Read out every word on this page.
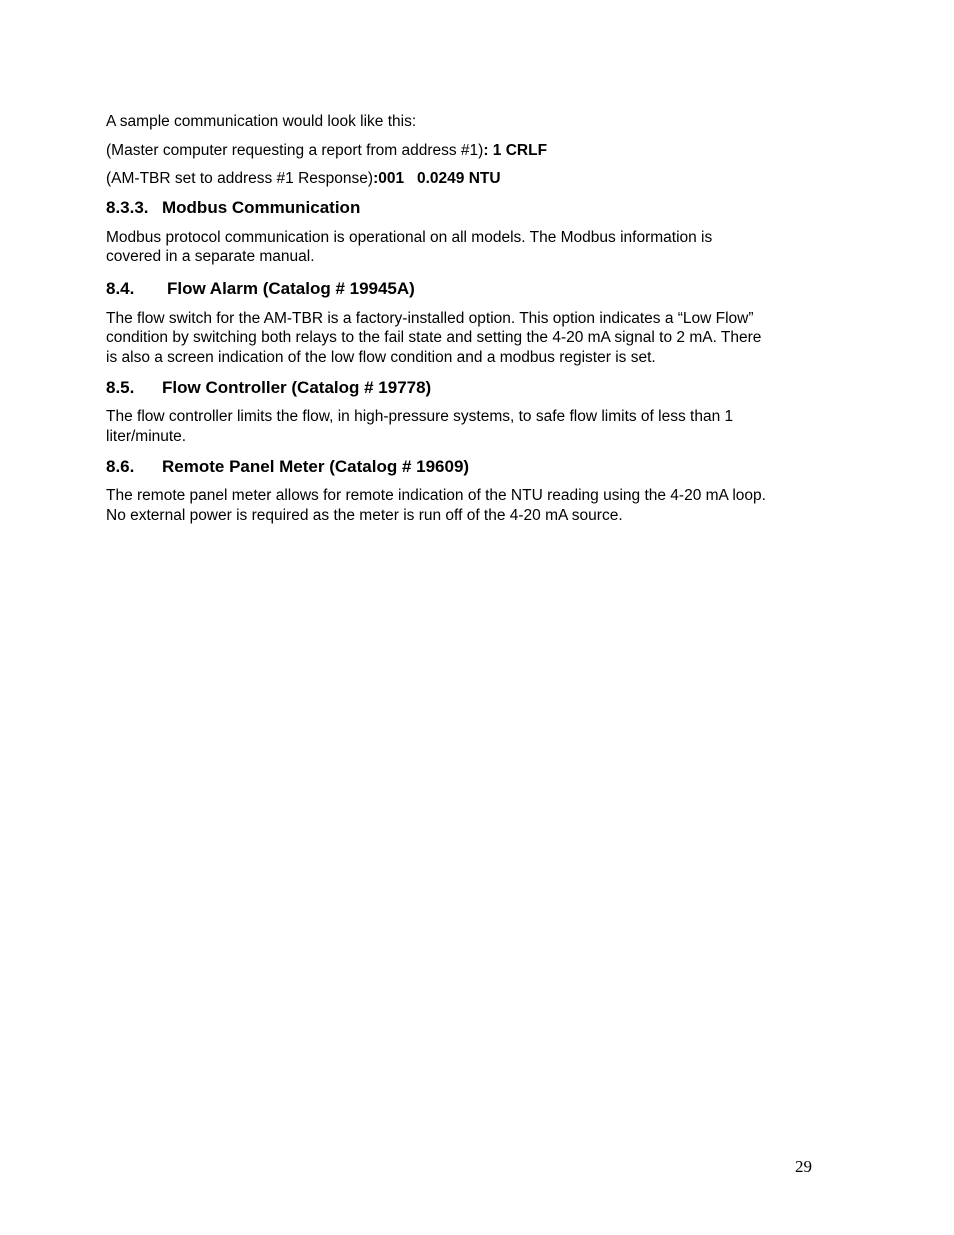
A sample communication would look like this:

(Master computer requesting a report from address #1): 1 CRLF

(AM-TBR set to address #1 Response):001   0.0249 NTU

8.3.3. Modbus Communication

Modbus protocol communication is operational on all models. The Modbus information is
covered in a separate manual.

8.4. Flow Alarm (Catalog # 19945A)

The flow switch for the AM-TBR is a factory-installed option. This option indicates a “Low Flow”
condition by switching both relays to the fail state and setting the 4-20 mA signal to 2 mA. There
is also a screen indication of the low flow condition and a modbus register is set.

8.5. Flow Controller (Catalog # 19778)

The flow controller limits the flow, in high-pressure systems, to safe flow limits of less than 1
liter/minute.

8.6. Remote Panel Meter (Catalog # 19609)

The remote panel meter allows for remote indication of the NTU reading using the 4-20 mA loop.
No external power is required as the meter is run off of the 4-20 mA source.

29
